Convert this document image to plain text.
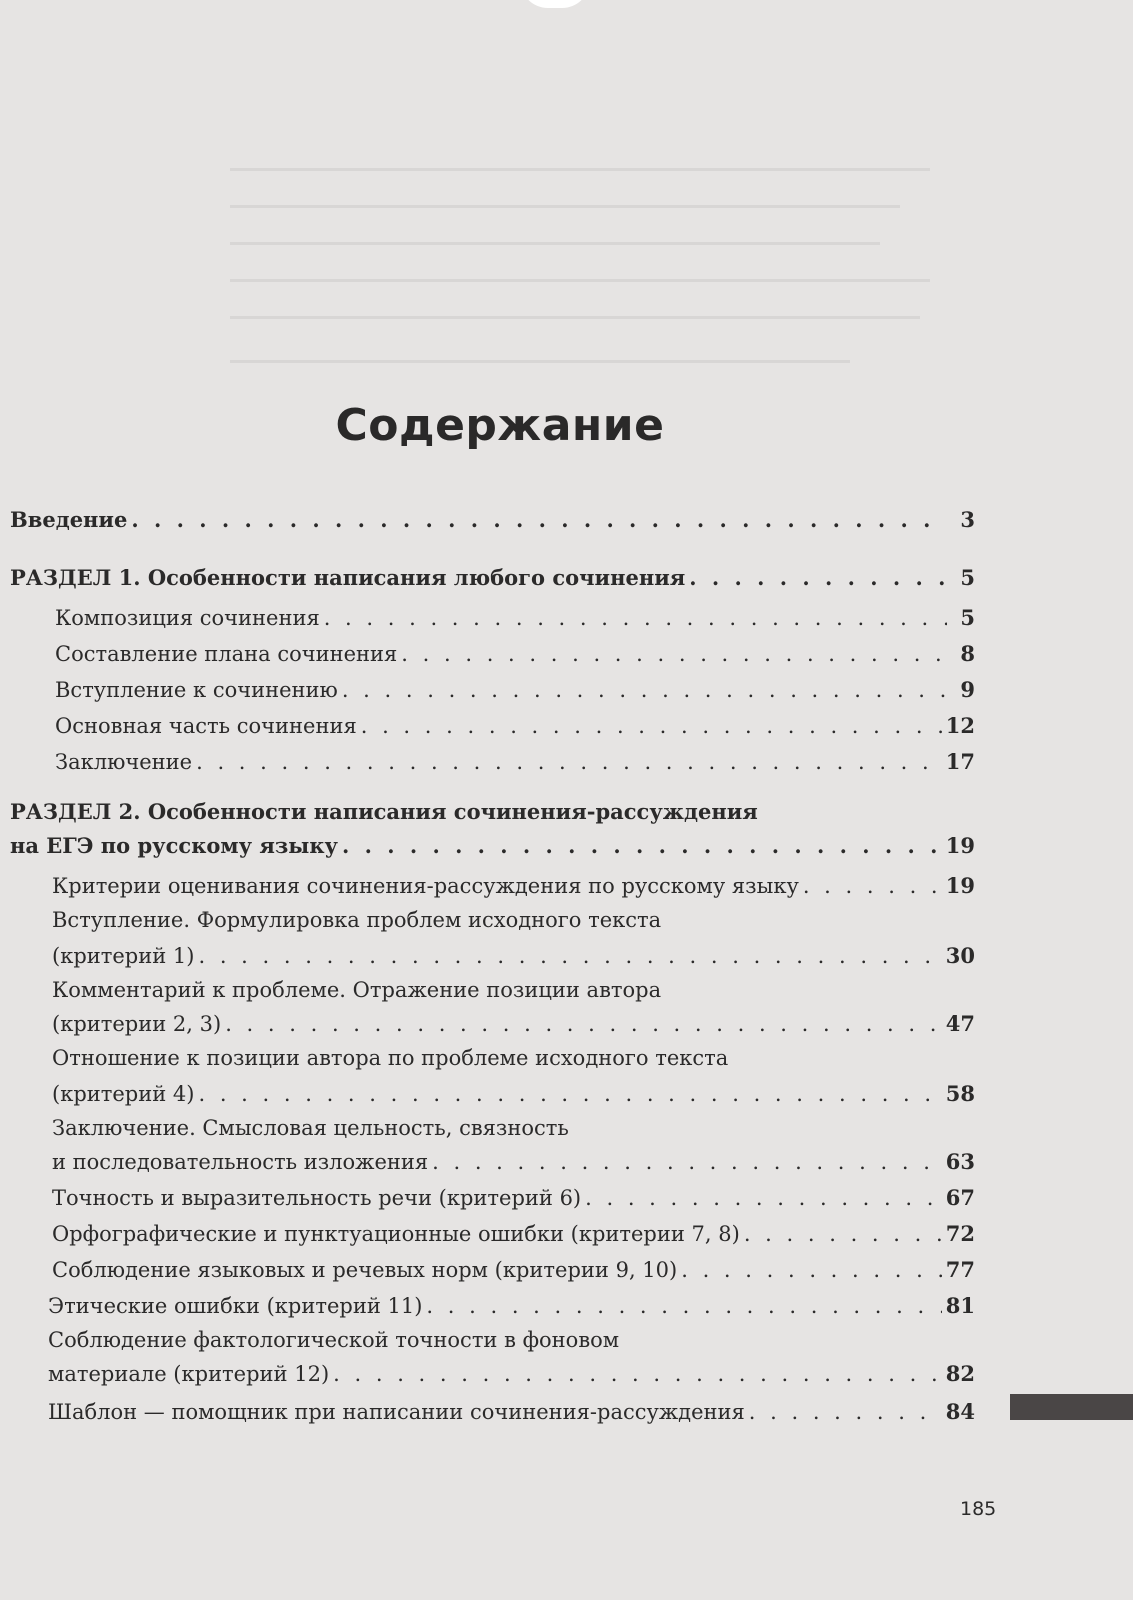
Содержание
Введение . . .	3
РАЗДЕЛ 1. Особенности написания любого сочинения . . .	5
Композиция сочинения . . .	5
Составление плана сочинения . . .	8
Вступление к сочинению . . .	9
Основная часть сочинения . . .	12
Заключение . . .	17
РАЗДЕЛ 2. Особенности написания сочинения-рассуждения
на ЕГЭ по русскому языку . . .	19
Критерии оценивания сочинения-рассуждения по русскому языку . . .	19
Вступление. Формулировка проблем исходного текста
(критерий 1) . . .	30
Комментарий к проблеме. Отражение позиции автора
(критерии 2, 3) . . .	47
Отношение к позиции автора по проблеме исходного текста
(критерий 4) . . .	58
Заключение. Смысловая цельность, связность
и последовательность изложения . . .	63
Точность и выразительность речи (критерий 6) . . .	67
Орфографические и пунктуационные ошибки (критерии 7, 8) . . .	72
Соблюдение языковых и речевых норм (критерии 9, 10) . . .	77
Этические ошибки (критерий 11) . . .	81
Соблюдение фактологической точности в фоновом
материале (критерий 12) . . .	82
Шаблон — помощник при написании сочинения-рассуждения . . .	84
185
